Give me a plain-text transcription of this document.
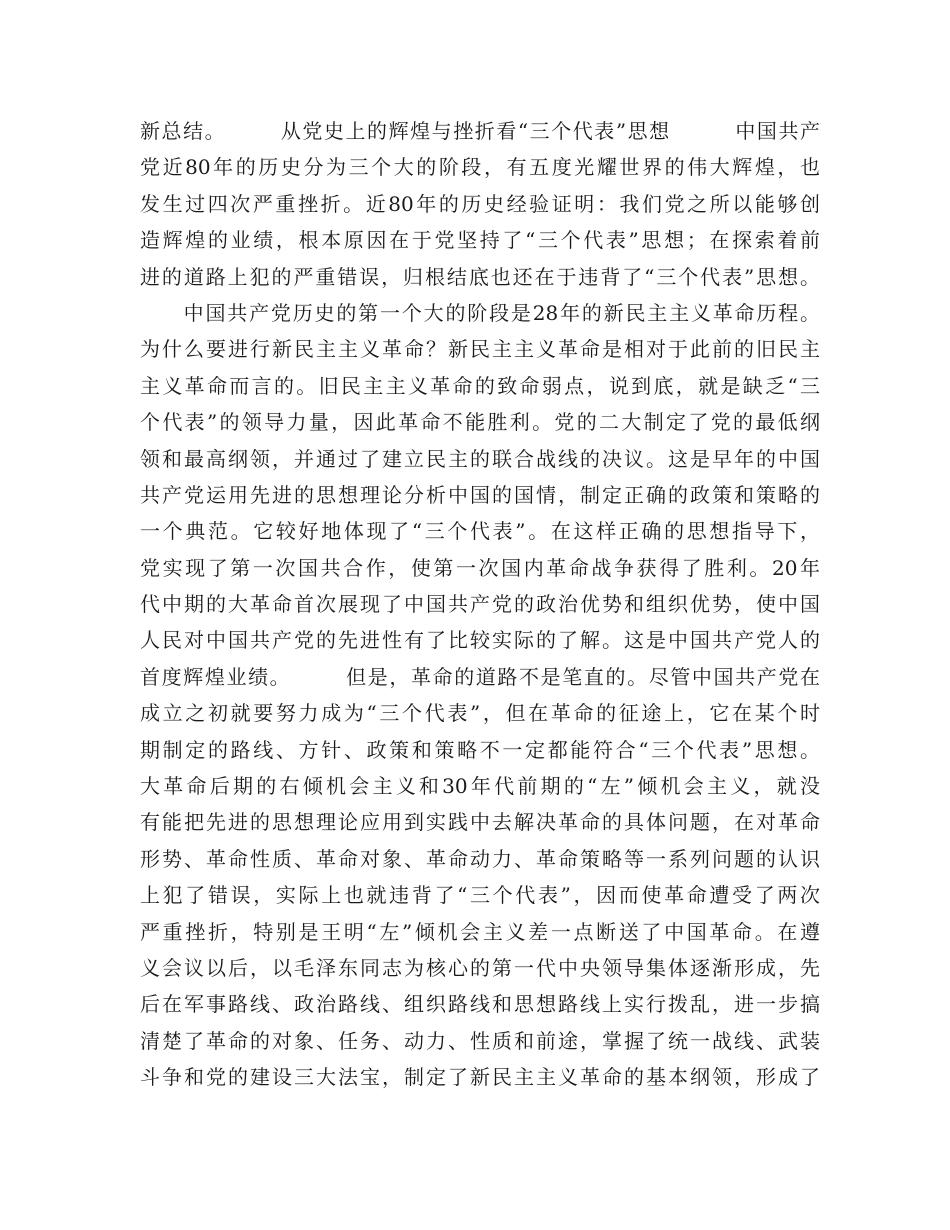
新总结。　　　从党史上的辉煌与挫折看“三个代表”思想　　　中国共产
党近80年的历史分为三个大的阶段，有五度光耀世界的伟大辉煌，也
发生过四次严重挫折。近80年的历史经验证明：我们党之所以能够创
造辉煌的业绩，根本原因在于党坚持了“三个代表”思想；在探索着前
进的道路上犯的严重错误，归根结底也还在于违背了“三个代表”思想。
　　中国共产党历史的第一个大的阶段是28年的新民主主义革命历程。
为什么要进行新民主主义革命？新民主主义革命是相对于此前的旧民主
主义革命而言的。旧民主主义革命的致命弱点，说到底，就是缺乏“三
个代表”的领导力量，因此革命不能胜利。党的二大制定了党的最低纲
领和最高纲领，并通过了建立民主的联合战线的决议。这是早年的中国
共产党运用先进的思想理论分析中国的国情，制定正确的政策和策略的
一个典范。它较好地体现了“三个代表”。在这样正确的思想指导下，
党实现了第一次国共合作，使第一次国内革命战争获得了胜利。20年
代中期的大革命首次展现了中国共产党的政治优势和组织优势，使中国
人民对中国共产党的先进性有了比较实际的了解。这是中国共产党人的
首度辉煌业绩。　　　但是，革命的道路不是笔直的。尽管中国共产党在
成立之初就要努力成为“三个代表”，但在革命的征途上，它在某个时
期制定的路线、方针、政策和策略不一定都能符合“三个代表”思想。
大革命后期的右倾机会主义和30年代前期的“左”倾机会主义，就没
有能把先进的思想理论应用到实践中去解决革命的具体问题，在对革命
形势、革命性质、革命对象、革命动力、革命策略等一系列问题的认识
上犯了错误，实际上也就违背了“三个代表”，因而使革命遭受了两次
严重挫折，特别是王明“左”倾机会主义差一点断送了中国革命。在遵
义会议以后，以毛泽东同志为核心的第一代中央领导集体逐渐形成，先
后在军事路线、政治路线、组织路线和思想路线上实行拨乱，进一步搞
清楚了革命的对象、任务、动力、性质和前途，掌握了统一战线、武装
斗争和党的建设三大法宝，制定了新民主主义革命的基本纲领，形成了
